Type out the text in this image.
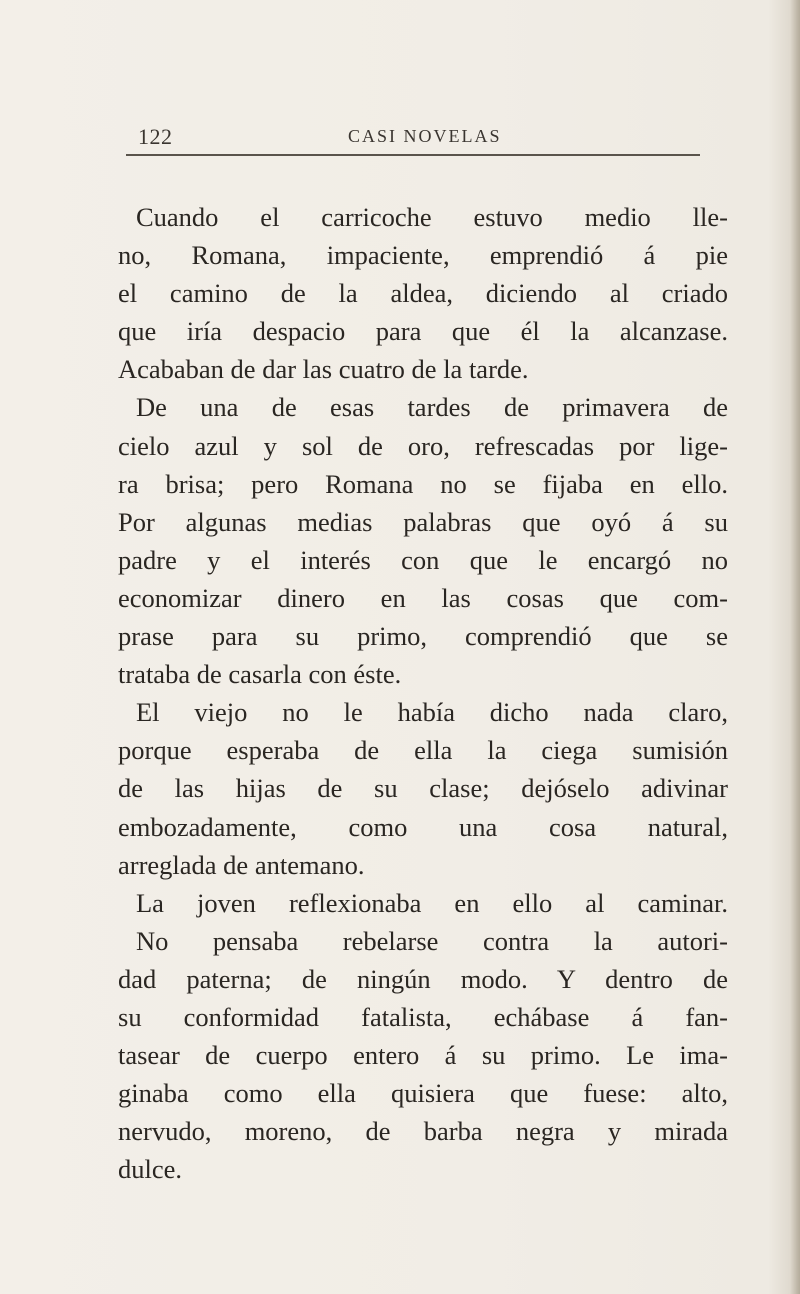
122	CASI NOVELAS
Cuando el carricoche estuvo medio lle-
no, Romana, impaciente, emprendió á pie
el camino de la aldea, diciendo al criado
que iría despacio para que él la alcanzase.
Acababan de dar las cuatro de la tarde.
De una de esas tardes de primavera de
cielo azul y sol de oro, refrescadas por lige-
ra brisa; pero Romana no se fijaba en ello.
Por algunas medias palabras que oyó á su
padre y el interés con que le encargó no
economizar dinero en las cosas que com-
prase para su primo, comprendió que se
trataba de casarla con éste.
El viejo no le había dicho nada claro,
porque esperaba de ella la ciega sumisión
de las hijas de su clase; dejóselo adivinar
embozadamente, como una cosa natural,
arreglada de antemano.
La joven reflexionaba en ello al caminar.
No pensaba rebelarse contra la autori-
dad paterna; de ningún modo. Y dentro de
su conformidad fatalista, echábase á fan-
tasear de cuerpo entero á su primo. Le ima-
ginaba como ella quisiera que fuese: alto,
nervudo, moreno, de barba negra y mirada
dulce.
